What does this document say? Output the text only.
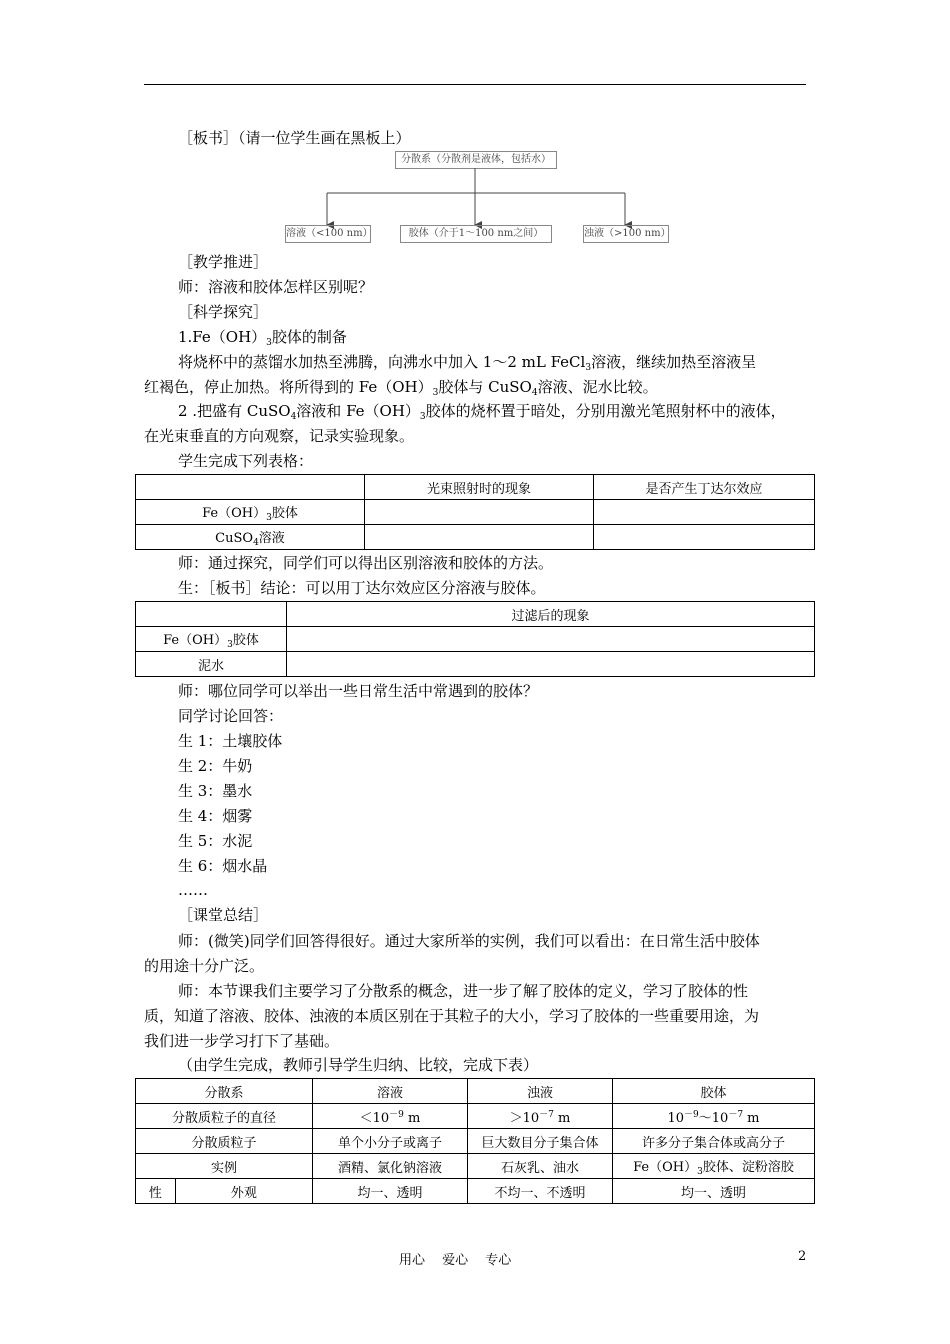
［板书］（请一位学生画在黑板上）
分散系（分散剂是液体，包括水）
溶液（<100 nm）	胶体（介于1～100 nm之间）	浊液（>100 nm）
［教学推进］
师：溶液和胶体怎样区别呢？
［科学探究］
$1.Fe(OH)_3$胶体的制备
将烧杯中的蒸馏水加热至沸腾，向沸水中加入 1～2 mL FeCl$_3$溶液，继续加热至溶液呈
红褐色，停止加热。将所得到的 $Fe(OH)_3$胶体与 CuSO$_4$溶液、泥水比较。
2 .把盛有 CuSO$_4$溶液和 $Fe(OH)_3$胶体的烧杯置于暗处，分别用激光笔照射杯中的液体，
在光束垂直的方向观察，记录实验现象。
学生完成下列表格：
	光束照射时的现象	是否产生丁达尔效应
$Fe(OH)_3$胶体		
CuSO$_4$溶液		
师：通过探究，同学们可以得出区别溶液和胶体的方法。
生：［板书］结论：可以用丁达尔效应区分溶液与胶体。
	过滤后的现象
$Fe(OH)_3$胶体	
泥水	
师：哪位同学可以举出一些日常生活中常遇到的胶体？
同学讨论回答：
生 1：土壤胶体
生 2：牛奶
生 3：墨水
生 4：烟雾
生 5：水泥
生 6：烟水晶
……
［课堂总结］
师：(微笑)同学们回答得很好。通过大家所举的实例，我们可以看出：在日常生活中胶体
的用途十分广泛。
师：本节课我们主要学习了分散系的概念，进一步了解了胶体的定义，学习了胶体的性
质，知道了溶液、胶体、浊液的本质区别在于其粒子的大小，学习了胶体的一些重要用途，为
我们进一步学习打下了基础。
（由学生完成，教师引导学生归纳、比较，完成下表）
分散系		溶液	浊液	胶体
分散质粒子的直径		$<10^{-9}$ m	$>10^{-7}$ m	$10^{-9}\sim 10^{-7}$ m
分散质粒子		单个小分子或离子	巨大数目分子集合体	许多分子集合体或高分子
实例		酒精、氯化钠溶液	石灰乳、油水	$Fe(OH)_3$胶体、淀粉溶胶
性	外观	均一、透明	不均一、不透明	均一、透明
用心　 爱心　 专心	2
